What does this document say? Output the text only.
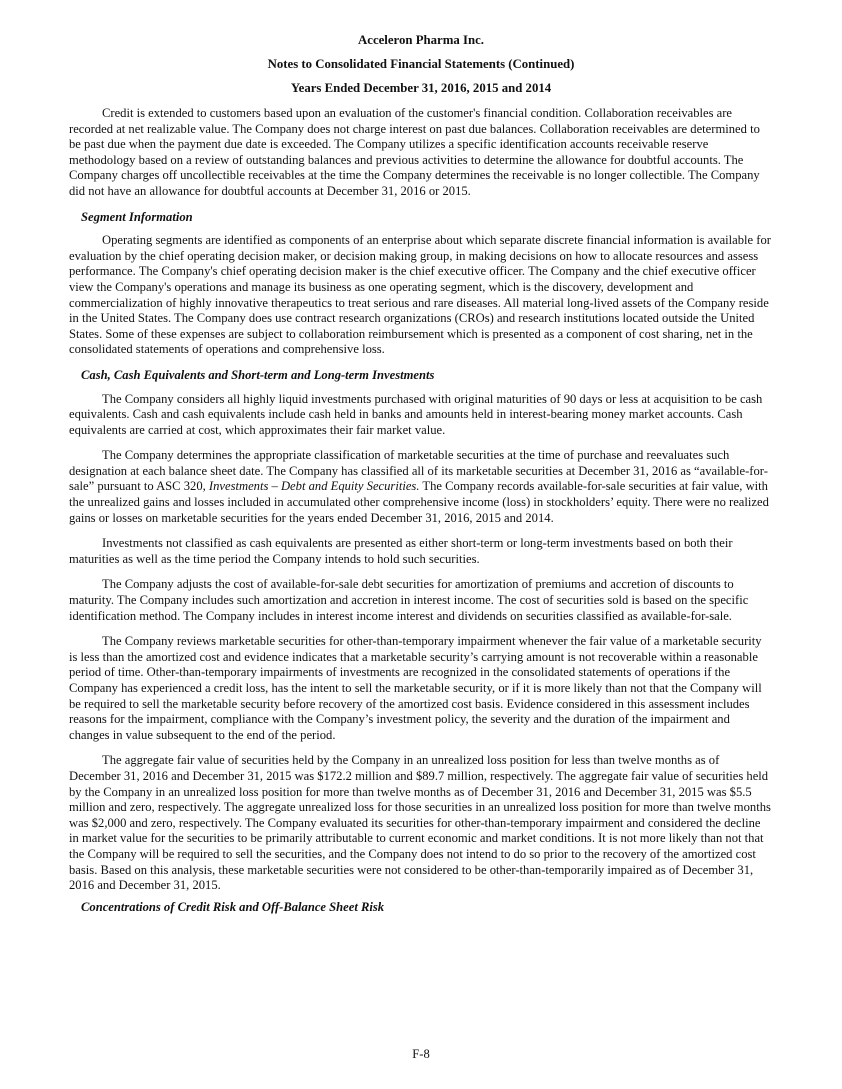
Acceleron Pharma Inc.
Notes to Consolidated Financial Statements (Continued)
Years Ended December 31, 2016, 2015 and 2014

Credit is extended to customers based upon an evaluation of the customer's financial condition. Collaboration receivables are recorded at net realizable value. The Company does not charge interest on past due balances. Collaboration receivables are determined to be past due when the payment due date is exceeded. The Company utilizes a specific identification accounts receivable reserve methodology based on a review of outstanding balances and previous activities to determine the allowance for doubtful accounts. The Company charges off uncollectible receivables at the time the Company determines the receivable is no longer collectible. The Company did not have an allowance for doubtful accounts at December 31, 2016 or 2015.

Segment Information

Operating segments are identified as components of an enterprise about which separate discrete financial information is available for evaluation by the chief operating decision maker, or decision making group, in making decisions on how to allocate resources and assess performance. The Company's chief operating decision maker is the chief executive officer. The Company and the chief executive officer view the Company's operations and manage its business as one operating segment, which is the discovery, development and commercialization of highly innovative therapeutics to treat serious and rare diseases. All material long-lived assets of the Company reside in the United States. The Company does use contract research organizations (CROs) and research institutions located outside the United States. Some of these expenses are subject to collaboration reimbursement which is presented as a component of cost sharing, net in the consolidated statements of operations and comprehensive loss.

Cash, Cash Equivalents and Short-term and Long-term Investments

The Company considers all highly liquid investments purchased with original maturities of 90 days or less at acquisition to be cash equivalents. Cash and cash equivalents include cash held in banks and amounts held in interest-bearing money market accounts. Cash equivalents are carried at cost, which approximates their fair market value.

The Company determines the appropriate classification of marketable securities at the time of purchase and reevaluates such designation at each balance sheet date. The Company has classified all of its marketable securities at December 31, 2016 as “available-for-sale” pursuant to ASC 320, Investments – Debt and Equity Securities. The Company records available-for-sale securities at fair value, with the unrealized gains and losses included in accumulated other comprehensive income (loss) in stockholders’ equity. There were no realized gains or losses on marketable securities for the years ended December 31, 2016, 2015 and 2014.

Investments not classified as cash equivalents are presented as either short-term or long-term investments based on both their maturities as well as the time period the Company intends to hold such securities.

The Company adjusts the cost of available-for-sale debt securities for amortization of premiums and accretion of discounts to maturity. The Company includes such amortization and accretion in interest income. The cost of securities sold is based on the specific identification method. The Company includes in interest income interest and dividends on securities classified as available-for-sale.

The Company reviews marketable securities for other-than-temporary impairment whenever the fair value of a marketable security is less than the amortized cost and evidence indicates that a marketable security’s carrying amount is not recoverable within a reasonable period of time. Other-than-temporary impairments of investments are recognized in the consolidated statements of operations if the Company has experienced a credit loss, has the intent to sell the marketable security, or if it is more likely than not that the Company will be required to sell the marketable security before recovery of the amortized cost basis. Evidence considered in this assessment includes reasons for the impairment, compliance with the Company’s investment policy, the severity and the duration of the impairment and changes in value subsequent to the end of the period.

The aggregate fair value of securities held by the Company in an unrealized loss position for less than twelve months as of December 31, 2016 and December 31, 2015 was $172.2 million and $89.7 million, respectively. The aggregate fair value of securities held by the Company in an unrealized loss position for more than twelve months as of December 31, 2016 and December 31, 2015 was $5.5 million and zero, respectively. The aggregate unrealized loss for those securities in an unrealized loss position for more than twelve months was $2,000 and zero, respectively. The Company evaluated its securities for other-than-temporary impairment and considered the decline in market value for the securities to be primarily attributable to current economic and market conditions. It is not more likely than not that the Company will be required to sell the securities, and the Company does not intend to do so prior to the recovery of the amortized cost basis. Based on this analysis, these marketable securities were not considered to be other-than-temporarily impaired as of December 31, 2016 and December 31, 2015.

Concentrations of Credit Risk and Off-Balance Sheet Risk
F-8
